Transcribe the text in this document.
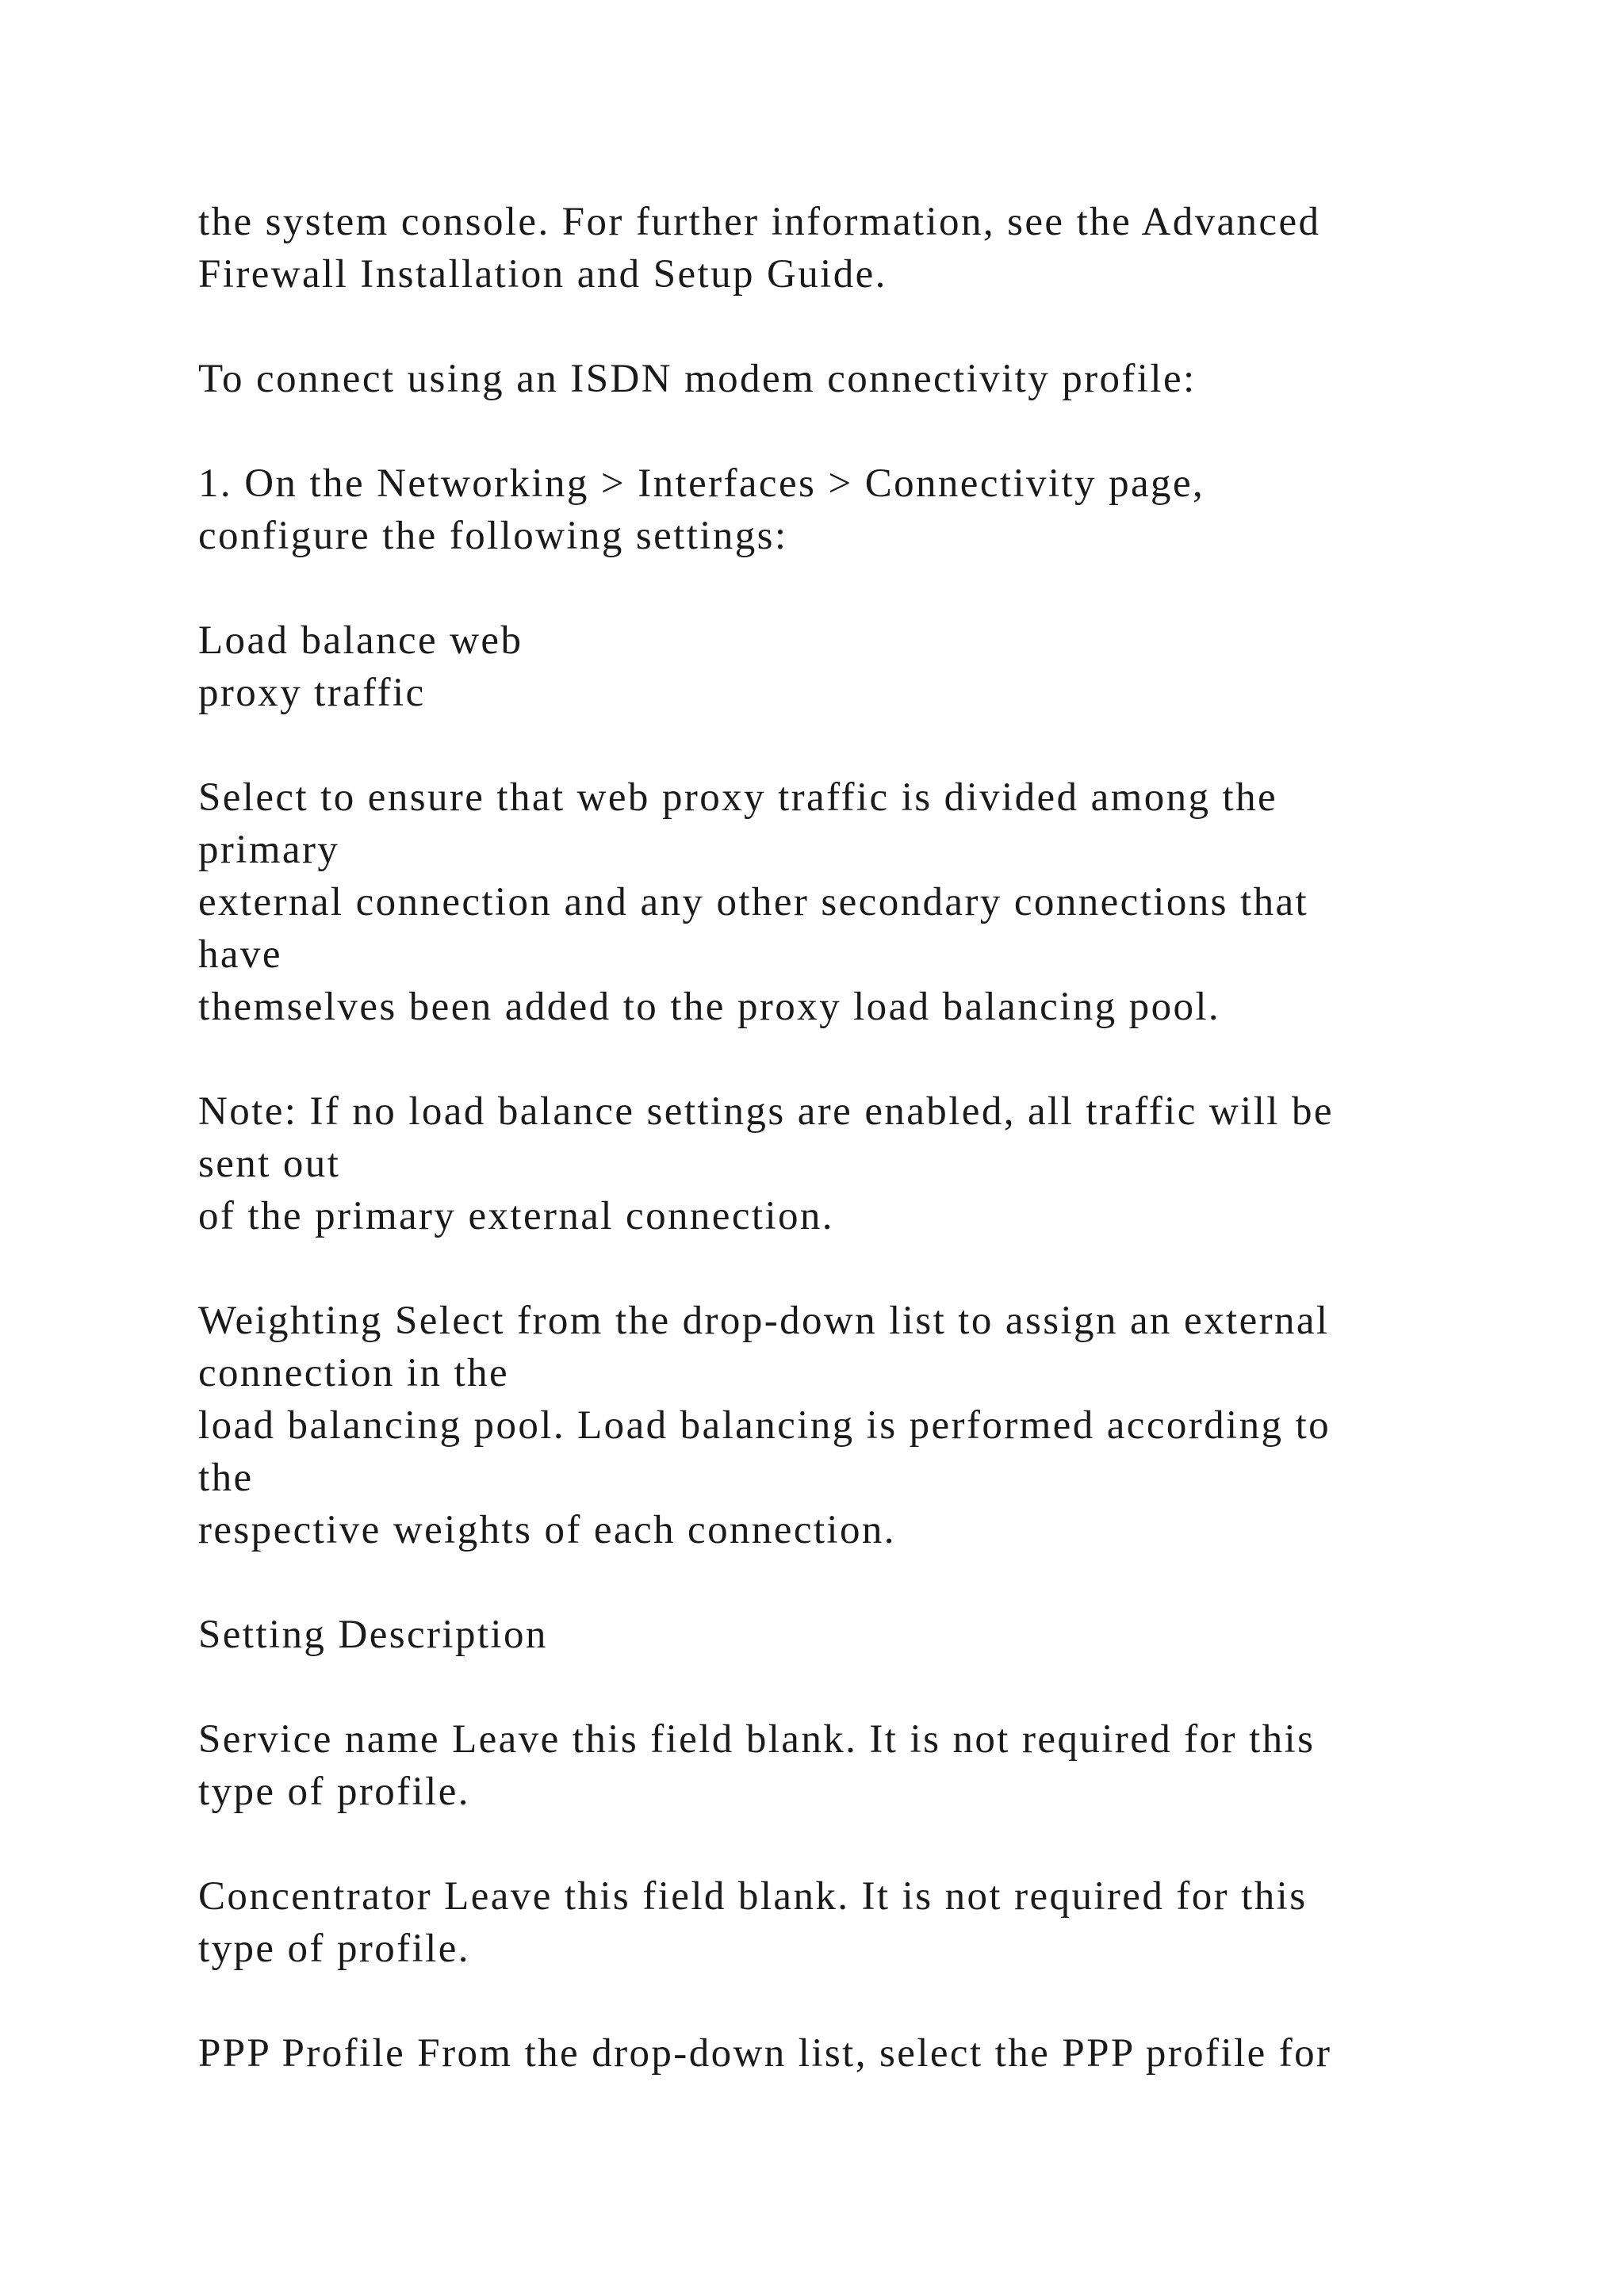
the system console. For further information, see the Advanced
Firewall Installation and Setup Guide.

To connect using an ISDN modem connectivity profile:

1. On the Networking > Interfaces > Connectivity page,
configure the following settings:

Load balance web
proxy traffic

Select to ensure that web proxy traffic is divided among the
primary
external connection and any other secondary connections that
have
themselves been added to the proxy load balancing pool.

Note: If no load balance settings are enabled, all traffic will be
sent out
of the primary external connection.

Weighting Select from the drop-down list to assign an external
connection in the
load balancing pool. Load balancing is performed according to
the
respective weights of each connection.

Setting Description

Service name Leave this field blank. It is not required for this
type of profile.

Concentrator Leave this field blank. It is not required for this
type of profile.

PPP Profile From the drop-down list, select the PPP profile for
